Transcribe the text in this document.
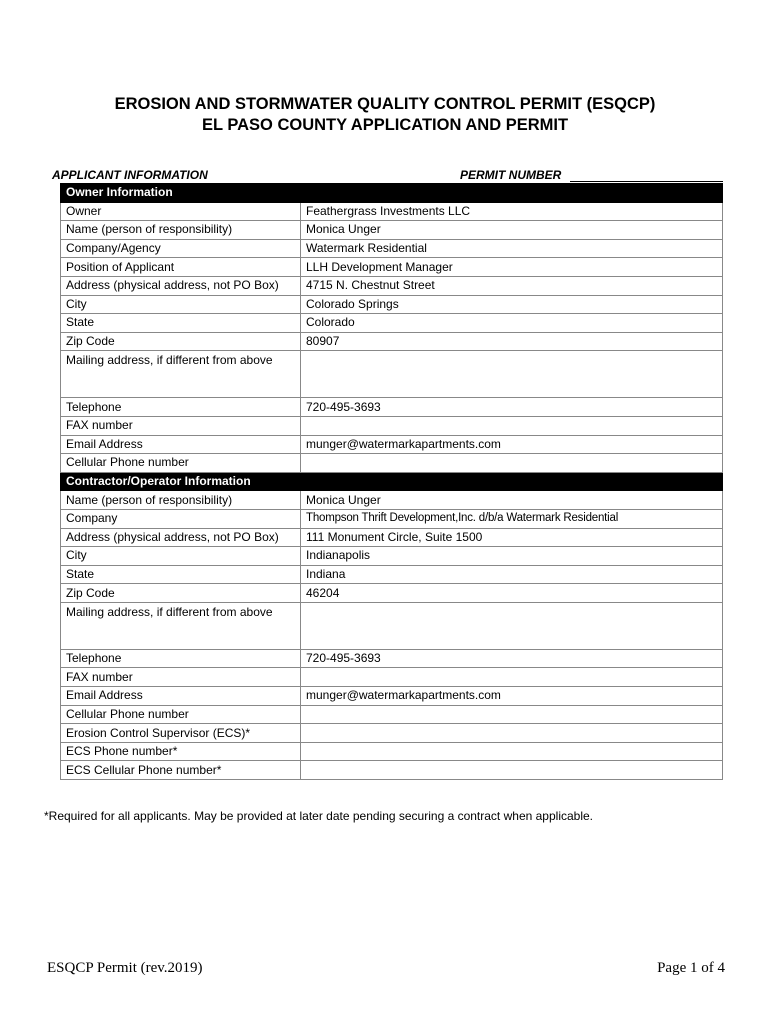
EROSION AND STORMWATER QUALITY CONTROL PERMIT (ESQCP)
EL PASO COUNTY APPLICATION AND PERMIT
APPLICANT INFORMATION	PERMIT NUMBER
Owner Information	
Owner	Feathergrass Investments LLC
Name (person of responsibility)	Monica Unger
Company/Agency	Watermark Residential
Position of Applicant	LLH Development Manager
Address (physical address, not PO Box)	4715 N. Chestnut Street
City	Colorado Springs
State	Colorado
Zip Code	80907
Mailing address, if different from above	
Telephone	720-495-3693
FAX number	
Email Address	munger@watermarkapartments.com
Cellular Phone number	
Contractor/Operator Information	
Name (person of responsibility)	Monica Unger
Company	Thompson Thrift Development,Inc. d/b/a Watermark Residential
Address (physical address, not PO Box)	111 Monument Circle, Suite 1500
City	Indianapolis
State	Indiana
Zip Code	46204
Mailing address, if different from above	
Telephone	720-495-3693
FAX number	
Email Address	munger@watermarkapartments.com
Cellular Phone number	
Erosion Control Supervisor (ECS)*	
ECS Phone number*	
ECS Cellular Phone number*	
*Required for all applicants. May be provided at later date pending securing a contract when applicable.
ESQCP Permit (rev.2019)	Page 1 of 4
